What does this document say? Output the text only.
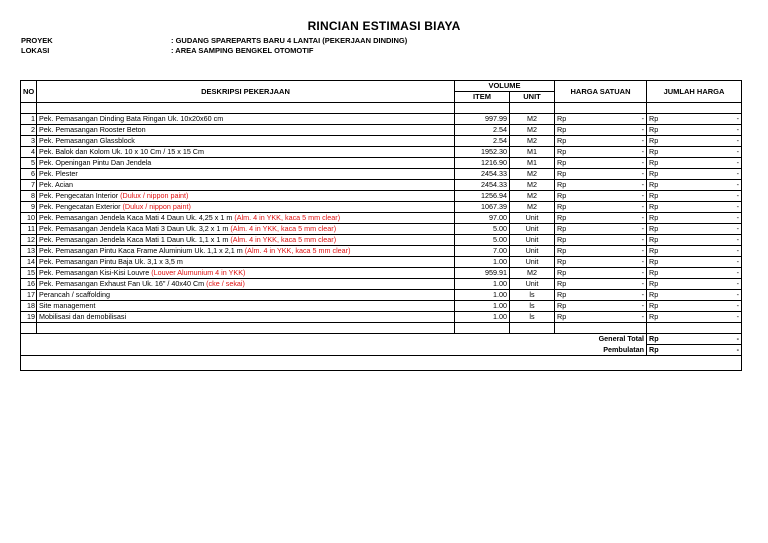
RINCIAN ESTIMASI BIAYA
PROYEK	: GUDANG SPAREPARTS BARU 4 LANTAI (PEKERJAAN DINDING)
LOKASI	: AREA SAMPING BENGKEL OTOMOTIF
NO	DESKRIPSI PEKERJAAN	VOLUME		HARGA SATUAN	JUMLAH HARGA
		ITEM	UNIT		

1	Pek. Pemasangan Dinding Bata Ringan Uk. 10x20x60 cm	997.99	M2	Rp -	Rp -

2	Pek. Pemasangan Rooster Beton	2.54	M2	Rp -	Rp -

3	Pek. Pemasangan Glassblock	2.54	M2	Rp -	Rp -

4	Pek. Balok dan Kolom Uk. 10 x 10 Cm / 15 x 15 Cm	1952.30	M1	Rp -	Rp -

5	Pek. Openingan Pintu Dan Jendela	1216.90	M1	Rp -	Rp -

6	Pek. Plester	2454.33	M2	Rp -	Rp -

7	Pek. Acian	2454.33	M2	Rp -	Rp -

8	Pek. Pengecatan Interior (Dulux / nippon paint)	1256.94	M2	Rp -	Rp -

9	Pek. Pengecatan Exterior (Dulux / nippon paint)	1067.39	M2	Rp -	Rp -

10	Pek. Pemasangan Jendela Kaca Mati 4 Daun Uk. 4,25 x 1 m (Alm. 4 in YKK, kaca 5 mm clear)	97.00	Unit	Rp -	Rp -

11	Pek. Pemasangan Jendela Kaca Mati 3 Daun Uk. 3,2 x 1 m (Alm. 4 in YKK, kaca 5 mm clear)	5.00	Unit	Rp -	Rp -

12	Pek. Pemasangan Jendela Kaca Mati 1 Daun Uk. 1,1 x 1 m (Alm. 4 in YKK, kaca 5 mm clear)	5.00	Unit	Rp -	Rp -

13	Pek. Pemasangan Pintu Kaca Frame Aluminium Uk. 1,1 x 2,1 m (Alm. 4 in YKK, kaca 5 mm clear)	7.00	Unit	Rp -	Rp -

14	Pek. Pemasangan Pintu Baja Uk. 3,1 x 3,5 m	1.00	Unit	Rp -	Rp -

15	Pek. Pemasangan Kisi-Kisi Louvre (Louver Alumunium 4 in YKK)	959.91	M2	Rp -	Rp -

16	Pek. Pemasangan Exhaust Fan Uk. 16" / 40x40 Cm (cke / sekai)	1.00	Unit	Rp -	Rp -

17	Perancah / scaffolding	1.00	ls	Rp -	Rp -

18	Site management	1.00	ls	Rp -	Rp -

19	Mobilisasi dan demobilisasi	1.00	ls	Rp -	Rp -

General Total					Rp -

Pembulatan					Rp -
